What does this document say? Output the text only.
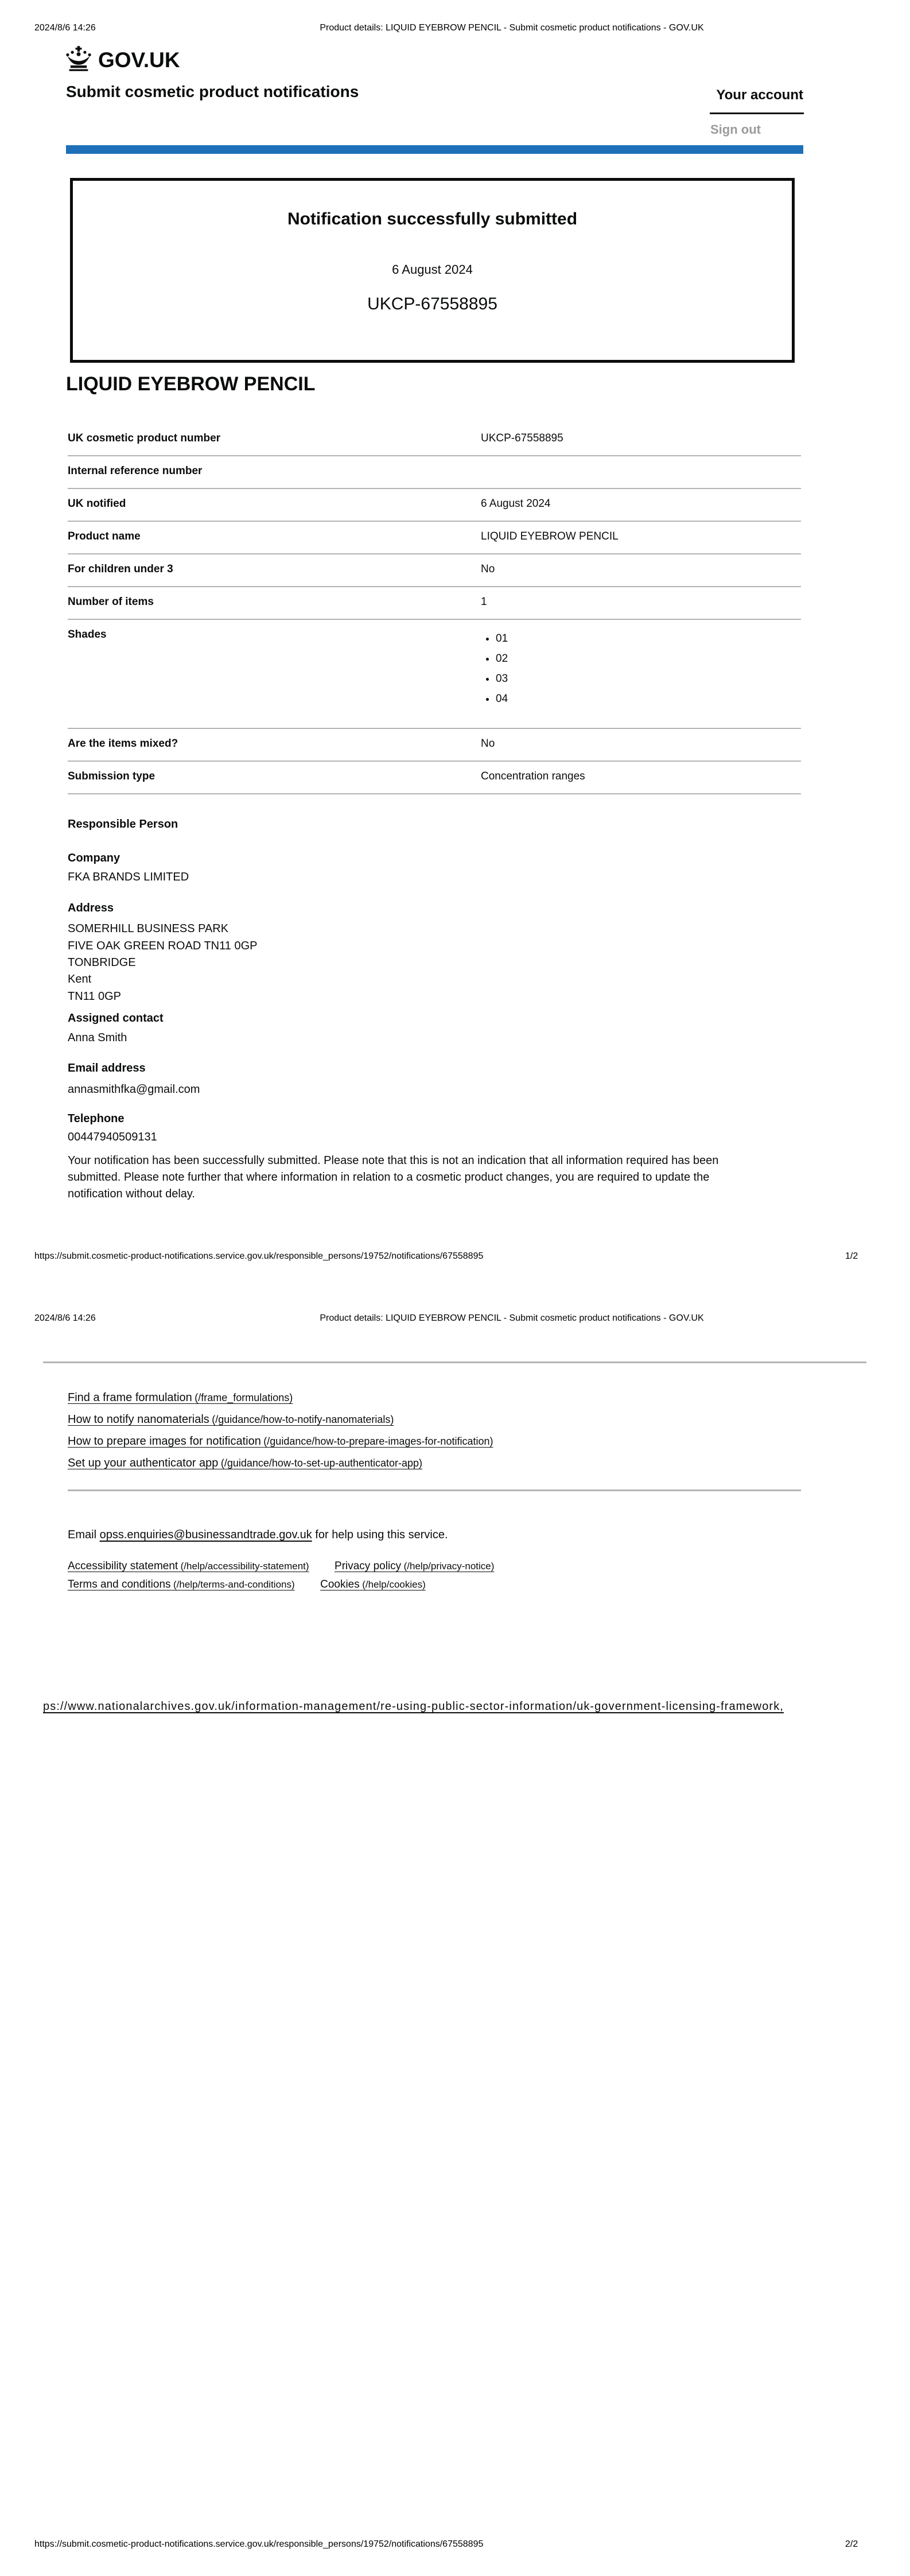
2024/8/6 14:26	Product details: LIQUID EYEBROW PENCIL - Submit cosmetic product notifications - GOV.UK
GOV.UK
Submit cosmetic product notifications	Your account
Sign out
Notification successfully submitted
6 August 2024
UKCP-67558895
LIQUID EYEBROW PENCIL
UK cosmetic product number	UKCP-67558895
Internal reference number
UK notified	6 August 2024
Product name	LIQUID EYEBROW PENCIL
For children under 3	No
Number of items	1
Shades	• 01
• 02
• 03
• 04
Are the items mixed?	No
Submission type	Concentration ranges
Responsible Person
Company
FKA BRANDS LIMITED
Address
SOMERHILL BUSINESS PARK
FIVE OAK GREEN ROAD TN11 0GP
TONBRIDGE
Kent
TN11 0GP
Assigned contact
Anna Smith
Email address
annasmithfka@gmail.com
Telephone
00447940509131
Your notification has been successfully submitted. Please note that this is not an indication that all information required has been submitted. Please note further that where information in relation to a cosmetic product changes, you are required to update the notification without delay.
https://submit.cosmetic-product-notifications.service.gov.uk/responsible_persons/19752/notifications/67558895	1/2
2024/8/6 14:26	Product details: LIQUID EYEBROW PENCIL - Submit cosmetic product notifications - GOV.UK
Find a frame formulation (/frame_formulations)
How to notify nanomaterials (/guidance/how-to-notify-nanomaterials)
How to prepare images for notification (/guidance/how-to-prepare-images-for-notification)
Set up your authenticator app (/guidance/how-to-set-up-authenticator-app)
Email opss.enquiries@businessandtrade.gov.uk for help using this service.
Accessibility statement (/help/accessibility-statement) Privacy policy (/help/privacy-notice)
Terms and conditions (/help/terms-and-conditions) Cookies (/help/cookies)
ps://www.nationalarchives.gov.uk/information-management/re-using-public-sector-information/uk-government-licensing-framework,
https://submit.cosmetic-product-notifications.service.gov.uk/responsible_persons/19752/notifications/67558895	2/2
